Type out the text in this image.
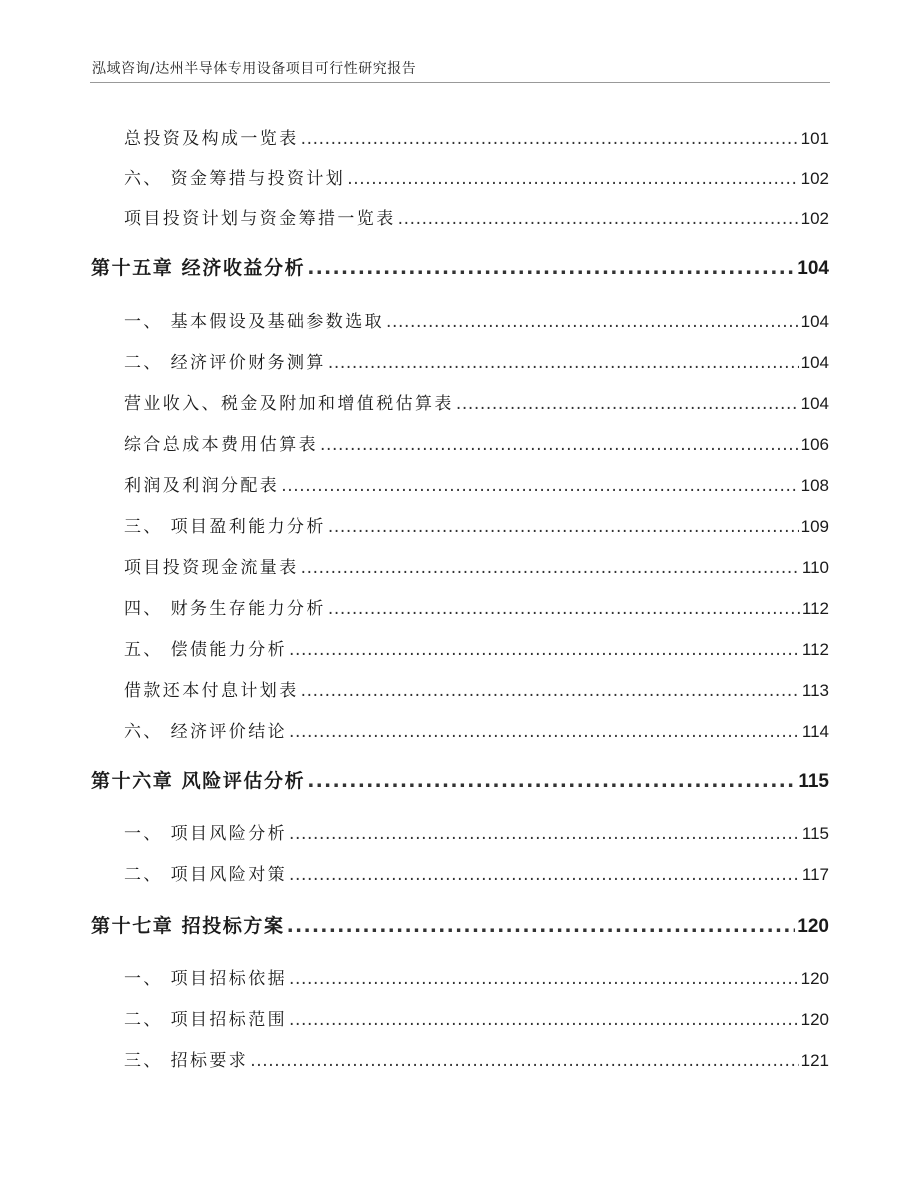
泓域咨询/达州半导体专用设备项目可行性研究报告
总投资及构成一览表 .....	101
六、 资金筹措与投资计划 .....	102
项目投资计划与资金筹措一览表 .....	102
第十五章 经济收益分析 .....	104
一、 基本假设及基础参数选取 .....	104
二、 经济评价财务测算 .....	104
营业收入、税金及附加和增值税估算表 .....	104
综合总成本费用估算表 .....	106
利润及利润分配表 .....	108
三、 项目盈利能力分析 .....	109
项目投资现金流量表 .....	110
四、 财务生存能力分析 .....	112
五、 偿债能力分析 .....	112
借款还本付息计划表 .....	113
六、 经济评价结论 .....	114
第十六章 风险评估分析 .....	115
一、 项目风险分析 .....	115
二、 项目风险对策 .....	117
第十七章 招投标方案 .....	120
一、 项目招标依据 .....	120
二、 项目招标范围 .....	120
三、 招标要求 .....	121
